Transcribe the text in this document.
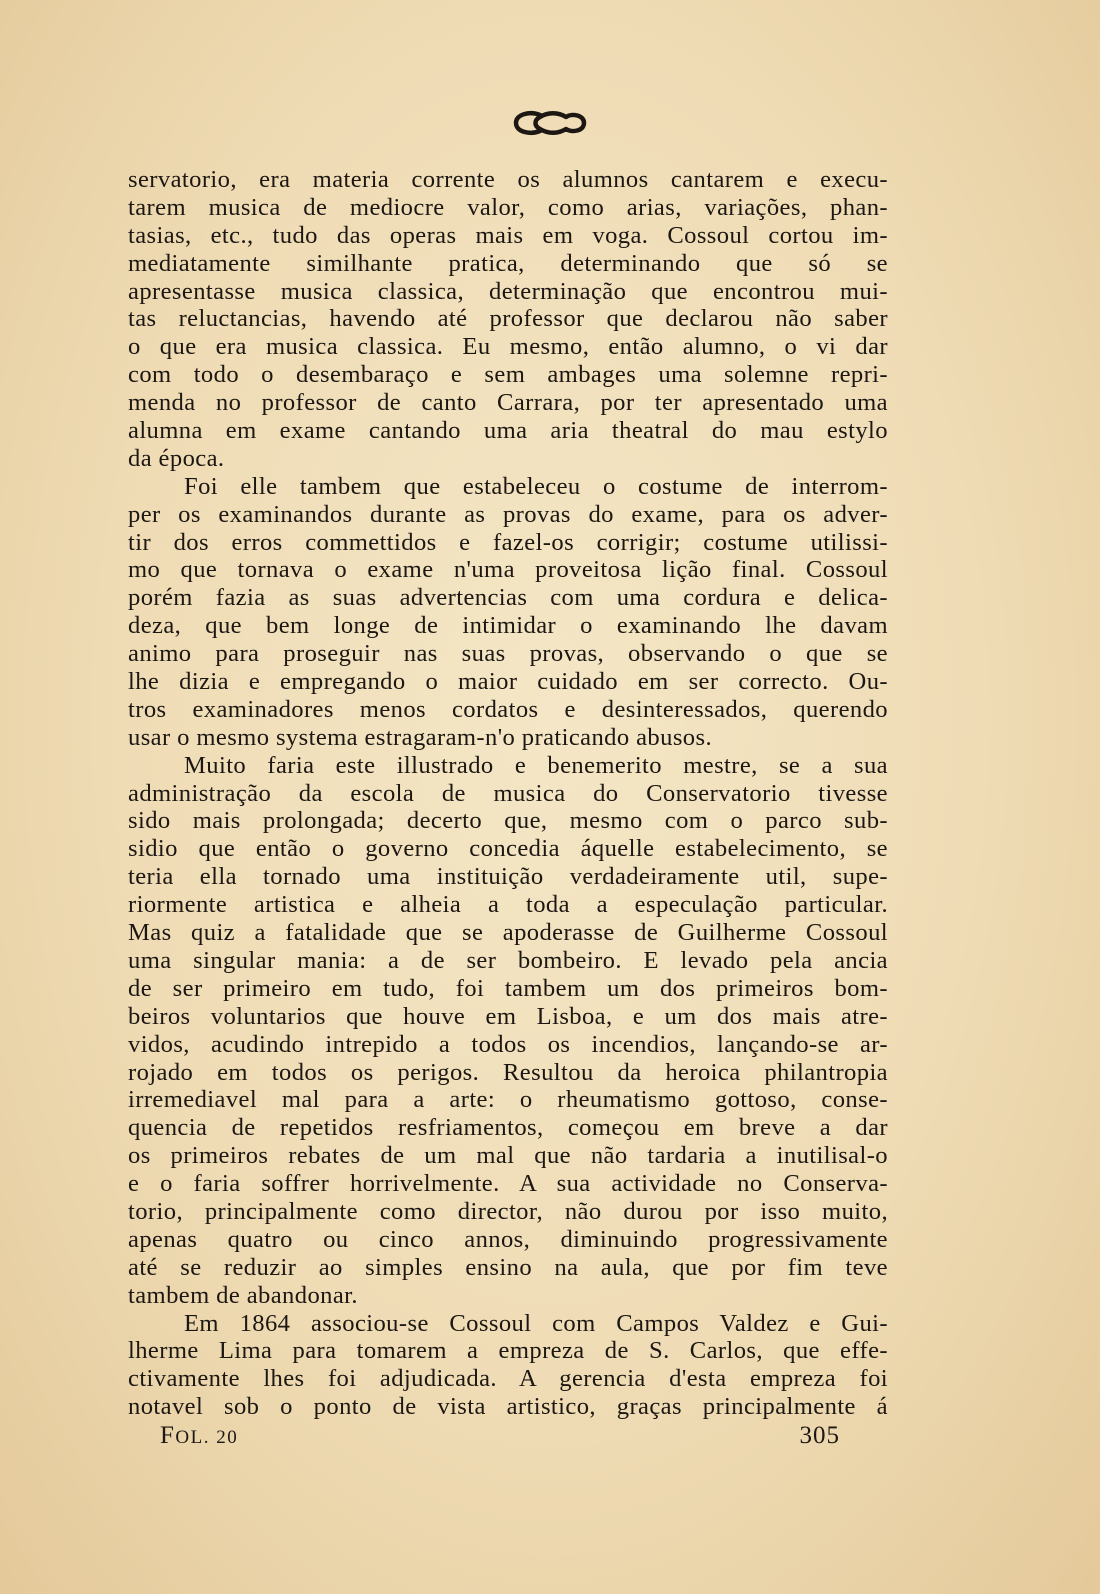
servatorio, era materia corrente os alumnos cantarem e execu-
tarem musica de mediocre valor, como arias, variações, phan-
tasias, etc., tudo das operas mais em voga. Cossoul cortou im-
mediatamente similhante pratica, determinando que só se
apresentasse musica classica, determinação que encontrou mui-
tas reluctancias, havendo até professor que declarou não saber
o que era musica classica. Eu mesmo, então alumno, o vi dar
com todo o desembaraço e sem ambages uma solemne repri-
menda no professor de canto Carrara, por ter apresentado uma
alumna em exame cantando uma aria theatral do mau estylo
da época.
Foi elle tambem que estabeleceu o costume de interrom-
per os examinandos durante as provas do exame, para os adver-
tir dos erros commettidos e fazel-os corrigir; costume utilissi-
mo que tornava o exame n'uma proveitosa lição final. Cossoul
porém fazia as suas advertencias com uma cordura e delica-
deza, que bem longe de intimidar o examinando lhe davam
animo para proseguir nas suas provas, observando o que se
lhe dizia e empregando o maior cuidado em ser correcto. Ou-
tros examinadores menos cordatos e desinteressados, querendo
usar o mesmo systema estragaram-n'o praticando abusos.
Muito faria este illustrado e benemerito mestre, se a sua
administração da escola de musica do Conservatorio tivesse
sido mais prolongada; decerto que, mesmo com o parco sub-
sidio que então o governo concedia áquelle estabelecimento, se
teria ella tornado uma instituição verdadeiramente util, supe-
riormente artistica e alheia a toda a especulação particular.
Mas quiz a fatalidade que se apoderasse de Guilherme Cossoul
uma singular mania: a de ser bombeiro. E levado pela ancia
de ser primeiro em tudo, foi tambem um dos primeiros bom-
beiros voluntarios que houve em Lisboa, e um dos mais atre-
vidos, acudindo intrepido a todos os incendios, lançando-se ar-
rojado em todos os perigos. Resultou da heroica philantropia
irremediavel mal para a arte: o rheumatismo gottoso, conse-
quencia de repetidos resfriamentos, começou em breve a dar
os primeiros rebates de um mal que não tardaria a inutilisal-o
e o faria soffrer horrivelmente. A sua actividade no Conserva-
torio, principalmente como director, não durou por isso muito,
apenas quatro ou cinco annos, diminuindo progressivamente
até se reduzir ao simples ensino na aula, que por fim teve
tambem de abandonar.
Em 1864 associou-se Cossoul com Campos Valdez e Gui-
lherme Lima para tomarem a empreza de S. Carlos, que effe-
ctivamente lhes foi adjudicada. A gerencia d'esta empreza foi
notavel sob o ponto de vista artistico, graças principalmente á
FOL. 20	305
